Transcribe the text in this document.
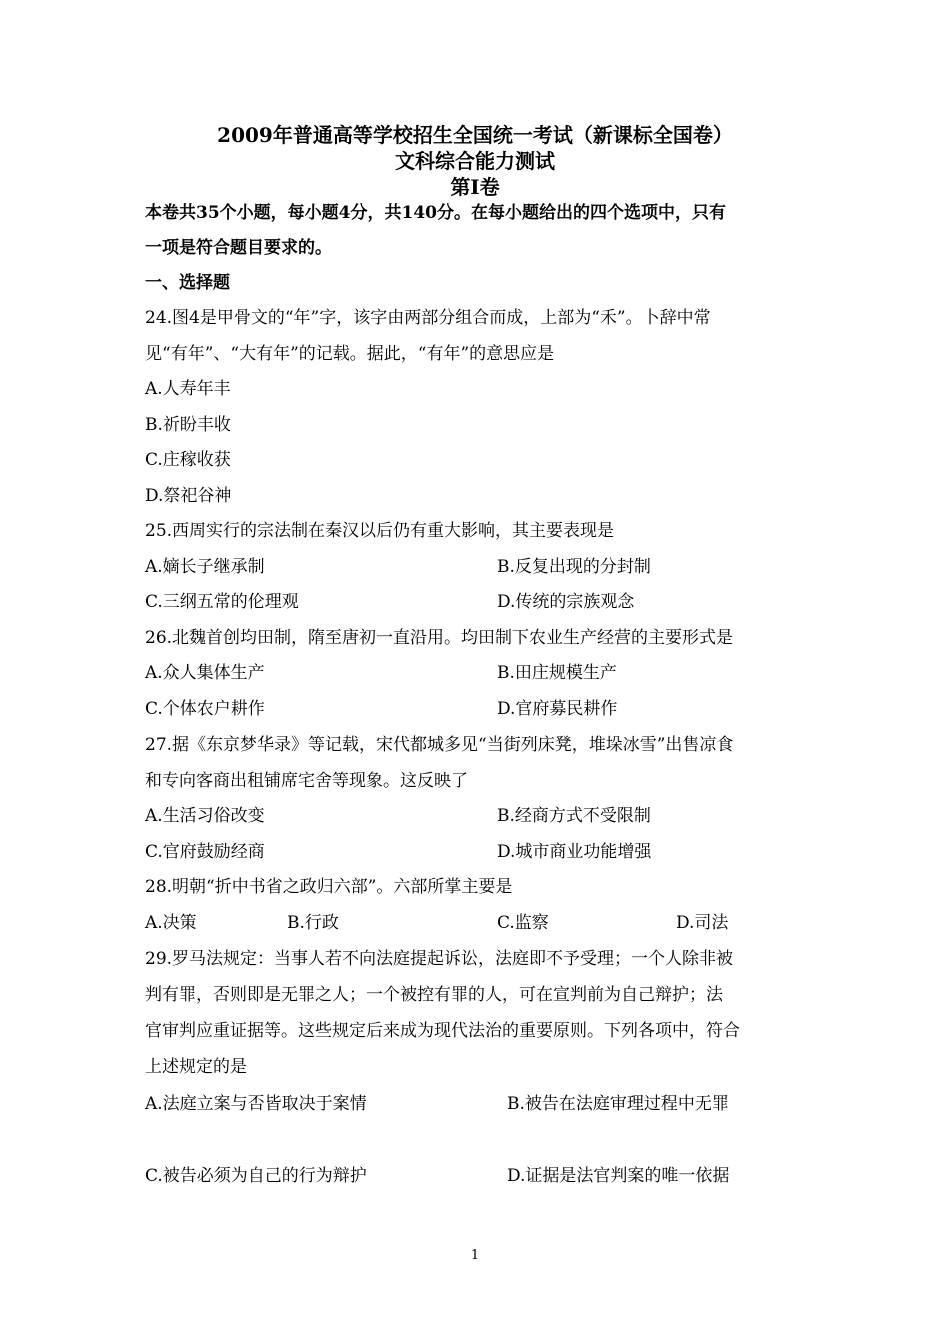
2009年普通高等学校招生全国统一考试（新课标全国卷）
文科综合能力测试
第Ⅰ卷
本卷共35个小题，每小题4分，共140分。在每小题给出的四个选项中，只有
一项是符合题目要求的。
一、选择题
24.图4是甲骨文的“年”字，该字由两部分组合而成，上部为“禾”。卜辞中常
见“有年”、“大有年”的记载。据此，“有年”的意思应是
A.人寿年丰
B.祈盼丰收
C.庄稼收获
D.祭祀谷神
25.西周实行的宗法制在秦汉以后仍有重大影响，其主要表现是
A.嫡长子继承制	B.反复出现的分封制
C.三纲五常的伦理观	D.传统的宗族观念
26.北魏首创均田制，隋至唐初一直沿用。均田制下农业生产经营的主要形式是
A.众人集体生产	B.田庄规模生产
C.个体农户耕作	D.官府募民耕作
27.据《东京梦华录》等记载，宋代都城多见“当街列床凳，堆垛冰雪”出售凉食
和专向客商出租铺席宅舍等现象。这反映了
A.生活习俗改变	B.经商方式不受限制
C.官府鼓励经商	D.城市商业功能增强
28.明朝“折中书省之政归六部”。六部所掌主要是
A.决策	B.行政	C.监察	D.司法
29.罗马法规定：当事人若不向法庭提起诉讼，法庭即不予受理；一个人除非被
判有罪，否则即是无罪之人；一个被控有罪的人，可在宣判前为自己辩护；法
官审判应重证据等。这些规定后来成为现代法治的重要原则。下列各项中，符合
上述规定的是
A.法庭立案与否皆取决于案情	B.被告在法庭审理过程中无罪
C.被告必须为自己的行为辩护	D.证据是法官判案的唯一依据
1
